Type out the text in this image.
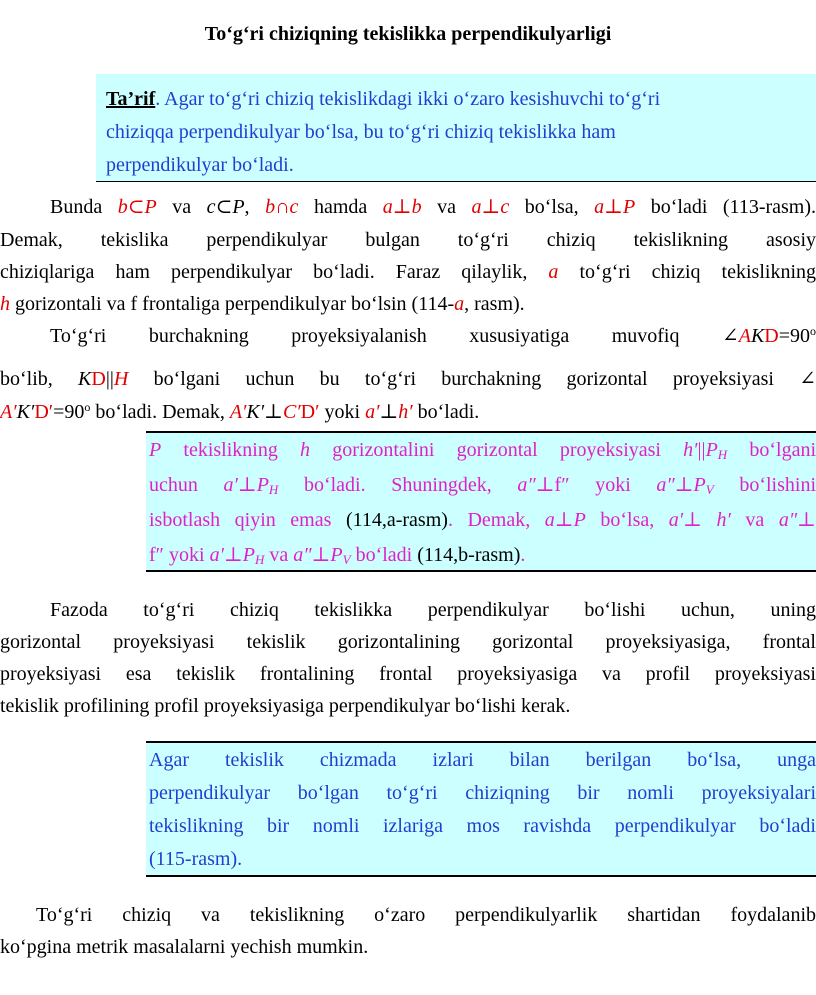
To‘g‘ri chiziqning tekislikka perpendikulyarligi
Ta’rif. Agar to‘g‘ri chiziq tekislikdagi ikki o‘zaro kesishuvchi to‘g‘ri
chiziqqa perpendikulyar bo‘lsa, bu to‘g‘ri chiziq tekislikka ham
perpendikulyar bo‘ladi.
Bunda b⊂P va c⊂P, b∩c hamda a⊥b va a⊥c bo‘lsa, a⊥P bo‘ladi (113-rasm).
Demak, tekislika perpendikulyar bulgan to‘g‘ri chiziq tekislikning asosiy
chiziqlariga ham perpendikulyar bo‘ladi. Faraz qilaylik, a to‘g‘ri chiziq tekislikning
h gorizontali va f frontaliga perpendikulyar bo‘lsin (114-a, rasm).
To‘g‘ri burchakning proyeksiyalanish xususiyatiga muvofiq $\angle AKD=90^o$
bo‘lib, KD||H bo‘lgani uchun bu to‘g‘ri burchakning gorizontal proyeksiyasi ∠
$A'K'D'=90^o$ bo‘ladi. Demak, A′K′⊥C′D′ yoki a′⊥h′ bo‘ladi.
P tekislikning h gorizontalini gorizontal proyeksiyasi $h'||P_H$ bo‘lgani
uchun $a'\perp P_H$ bo‘ladi. Shuningdek, a″⊥f″ yoki $a''\perp P_V$ bo‘lishini
isbotlash qiyin emas (114,a-rasm). Demak, a⊥P bo‘lsa, a′⊥ h′ va a″⊥
f″ yoki $a'\perp P_H$ va $a''\perp P_V$ bo‘ladi (114,b-rasm).
Fazoda to‘g‘ri chiziq tekislikka perpendikulyar bo‘lishi uchun, uning
gorizontal proyeksiyasi tekislik gorizontalining gorizontal proyeksiyasiga, frontal
proyeksiyasi esa tekislik frontalining frontal proyeksiyasiga va profil proyeksiyasi
tekislik profilining profil proyeksiyasiga perpendikulyar bo‘lishi kerak.
Agar tekislik chizmada izlari bilan berilgan bo‘lsa, unga
perpendikulyar bo‘lgan to‘g‘ri chiziqning bir nomli proyeksiyalari
tekislikning bir nomli izlariga mos ravishda perpendikulyar bo‘ladi
(115-rasm).
To‘g‘ri chiziq va tekislikning o‘zaro perpendikulyarlik shartidan foydalanib
ko‘pgina metrik masalalarni yechish mumkin.
